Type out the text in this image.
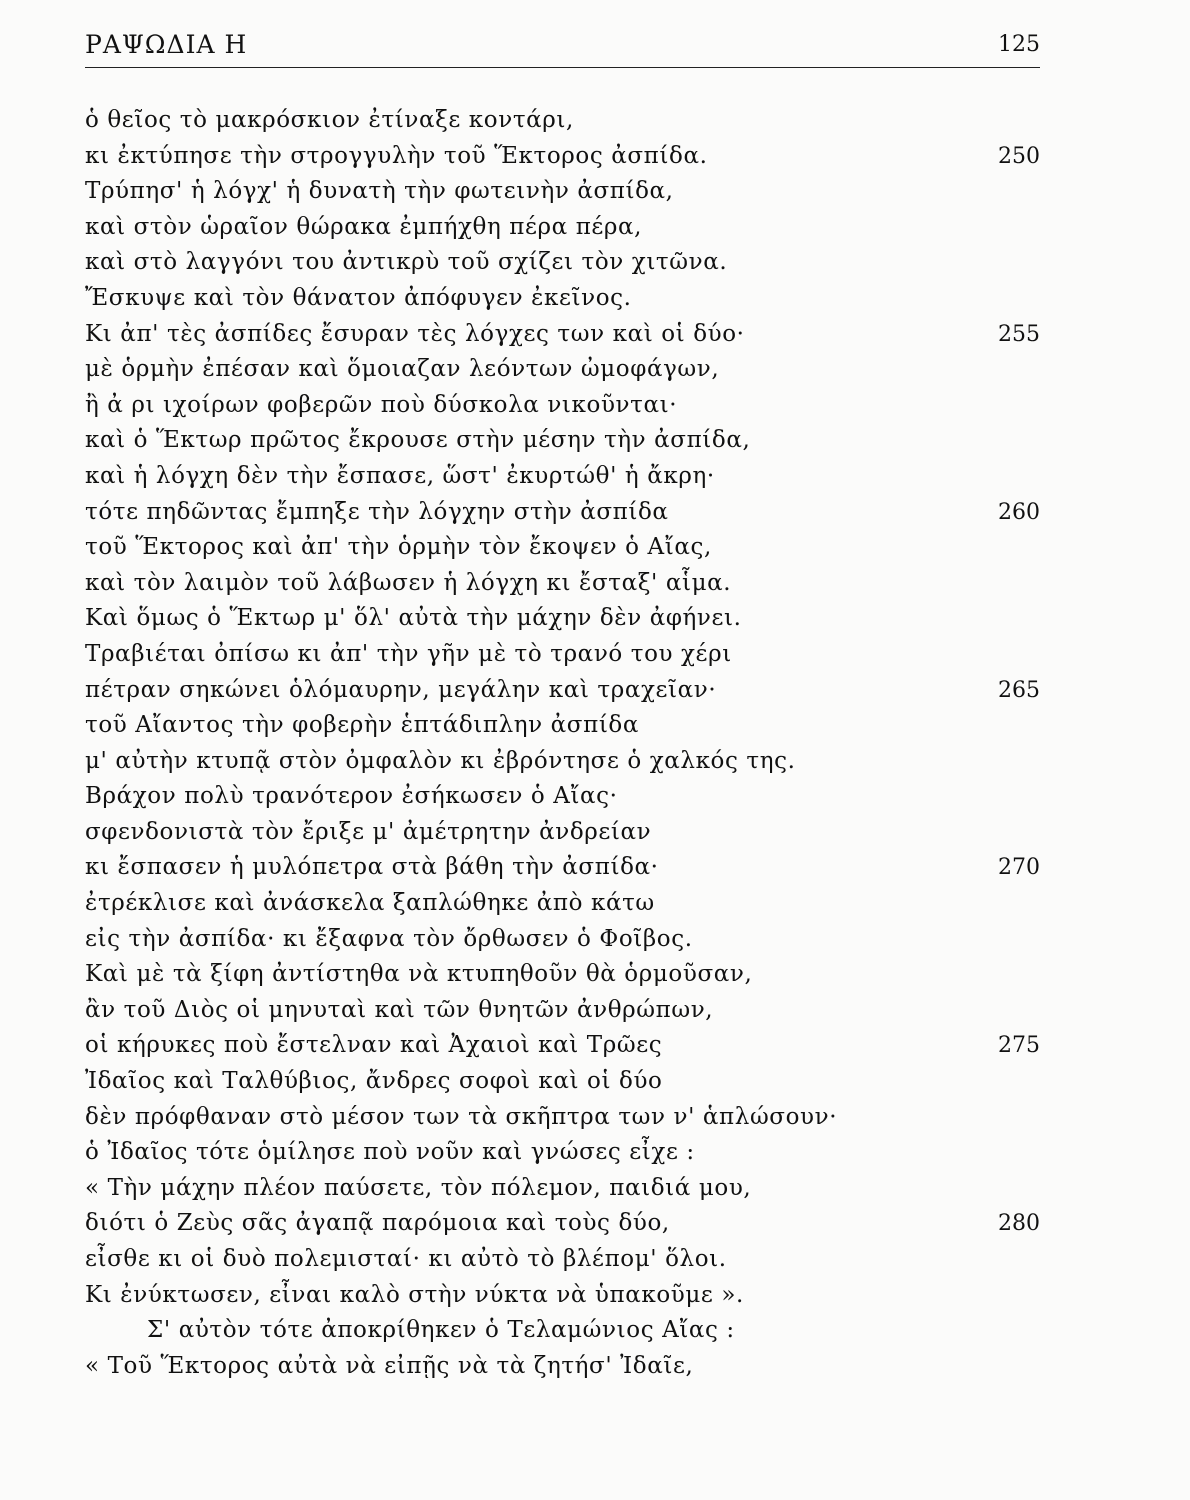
ΡΑΨΩΔΙΑ Η	125
ὁ θεῖος τὸ μακρόσκιον ἐτίναξε κοντάρι,
κι ἐκτύπησε τὴν στρογγυλὴν τοῦ Ἕκτορος ἀσπίδα.	250
Τρύπησ' ἡ λόγχ' ἡ δυνατὴ τὴν φωτεινὴν ἀσπίδα,
καὶ στὸν ὡραῖον θώρακα ἐμπήχθη πέρα πέρα,
καὶ στὸ λαγγόνι του ἀντικρὺ τοῦ σχίζει τὸν χιτῶνα.
Ἔσκυψε καὶ τὸν θάνατον ἀπόφυγεν ἐκεῖνος.
Κι ἀπ' τὲς ἀσπίδες ἔσυραν τὲς λόγχες των καὶ οἱ δύο·	255
μὲ ὁρμὴν ἐπέσαν καὶ ὅμοιαζαν λεόντων ὠμοφάγων,
ἢ ἀ ρι ιχοίρων φοβερῶν ποὺ δύσκολα νικοῦνται·
καὶ ὁ Ἕκτωρ πρῶτος ἔκρουσε στὴν μέσην τὴν ἀσπίδα,
καὶ ἡ λόγχη δὲν τὴν ἔσπασε, ὥστ' ἐκυρτώθ' ἡ ἄκρη·
τότε πηδῶντας ἔμπηξε τὴν λόγχην στὴν ἀσπίδα	260
τοῦ Ἕκτορος καὶ ἀπ' τὴν ὁρμὴν τὸν ἔκοψεν ὁ Αἴας,
καὶ τὸν λαιμὸν τοῦ λάβωσεν ἡ λόγχη κι ἔσταξ' αἷμα.
Καὶ ὅμως ὁ Ἕκτωρ μ' ὅλ' αὐτὰ τὴν μάχην δὲν ἀφήνει.
Τραβιέται ὀπίσω κι ἀπ' τὴν γῆν μὲ τὸ τρανό του χέρι
πέτραν σηκώνει ὁλόμαυρην, μεγάλην καὶ τραχεῖαν·	265
τοῦ Αἴαντος τὴν φοβερὴν ἑπτάδιπλην ἀσπίδα
μ' αὐτὴν κτυπᾷ στὸν ὀμφαλὸν κι ἐβρόντησε ὁ χαλκός της.
Βράχον πολὺ τρανότερον ἐσήκωσεν ὁ Αἴας·
σφενδονιστὰ τὸν ἔριξε μ' ἀμέτρητην ἀνδρείαν
κι ἔσπασεν ἡ μυλόπετρα στὰ βάθη τὴν ἀσπίδα·	270
ἐτρέκλισε καὶ ἀνάσκελα ξαπλώθηκε ἀπὸ κάτω
εἰς τὴν ἀσπίδα· κι ἔξαφνα τὸν ὄρθωσεν ὁ Φοῖβος.
Καὶ μὲ τὰ ξίφη ἀντίστηθα νὰ κτυπηθοῦν θὰ ὁρμοῦσαν,
ἂν τοῦ Διὸς οἱ μηνυταὶ καὶ τῶν θνητῶν ἀνθρώπων,
οἱ κήρυκες ποὺ ἔστελναν καὶ Ἀχαιοὶ καὶ Τρῶες	275
Ἰδαῖος καὶ Ταλθύβιος, ἄνδρες σοφοὶ καὶ οἱ δύο
δὲν πρόφθαναν στὸ μέσον των τὰ σκῆπτρα των ν' ἁπλώσουν·
ὁ Ἰδαῖος τότε ὁμίλησε ποὺ νοῦν καὶ γνώσες εἶχε :
« Τὴν μάχην πλέον παύσετε, τὸν πόλεμον, παιδιά μου,
διότι ὁ Ζεὺς σᾶς ἀγαπᾷ παρόμοια καὶ τοὺς δύο,	280
εἶσθε κι οἱ δυὸ πολεμισταί· κι αὐτὸ τὸ βλέπομ' ὅλοι.
Κι ἐνύκτωσεν, εἶναι καλὸ στὴν νύκτα νὰ ὑπακοῦμε ».
Σ' αὐτὸν τότε ἀποκρίθηκεν ὁ Τελαμώνιος Αἴας :
« Τοῦ Ἕκτορος αὐτὰ νὰ εἰπῇς νὰ τὰ ζητήσ' Ἰδαῖε,
